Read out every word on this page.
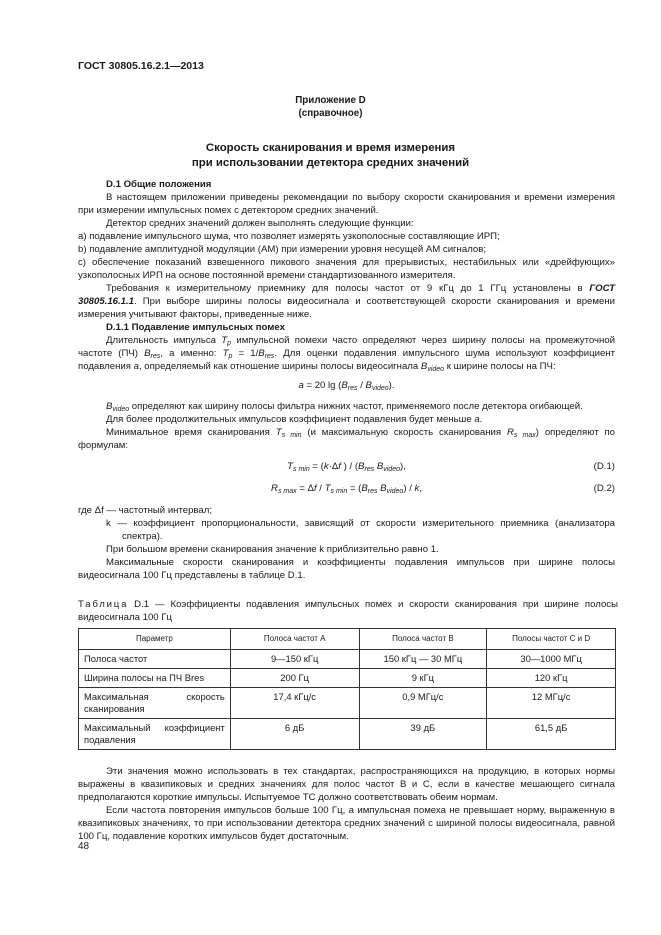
ГОСТ 30805.16.2.1—2013
Приложение D
(справочное)
Скорость сканирования и время измерения
при использовании детектора средних значений

D.1 Общие положения

В настоящем приложении приведены рекомендации по выбору скорости сканирования и времени измерения при измерении импульсных помех с детектором средних значений.

Детектор средних значений должен выполнять следующие функции:

a) подавление импульсного шума, что позволяет измерять узкополосные составляющие ИРП;

b) подавление амплитудной модуляции (АМ) при измерении уровня несущей АМ сигналов;

c) обеспечение показаний взвешенного пикового значения для прерывистых, нестабильных или «дрейфующих» узкополосных ИРП на основе постоянной времени стандартизованного измерителя.

Требования к измерительному приемнику для полосы частот от 9 кГц до 1 ГГц установлены в ГОСТ 30805.16.1.1. При выборе ширины полосы видеосигнала и соответствующей скорости сканирования и времени измерения учитывают факторы, приведенные ниже.

D.1.1 Подавление импульсных помех

Длительность импульса $T_p$ импульсной помехи часто определяют через ширину полосы на промежуточной частоте (ПЧ) $B_{res}$, а именно: $T_p = 1/B_{res}$. Для оценки подавления импульсного шума используют коэффициент подавления a, определяемый как отношение ширины полосы видеосигнала $B_{video}$ к ширине полосы на ПЧ:

a = 20 $\lg (B_{res} / B_{video})$.

$B_{video}$ определяют как ширину полосы фильтра нижних частот, применяемого после детектора огибающей.

Для более продолжительных импульсов коэффициент подавления будет меньше a.

Минимальное время сканирования $T_{s min}$ (и максимальную скорость сканирования $R_{s max}$) определяют по формулам:

$T_{s min} = (k\cdot\Delta f$ ) / ($B_{res}$ $B_{video}$),	(D.1)
$R_{s max} = \Delta f / T_{s min} = (B_{res}$ $B_{video}$) / k,	(D.2)

где Δf — частотный интервал;

k — коэффициент пропорциональности, зависящий от скорости измерительного приемника (анализатора спектра).

При большом времени сканирования значение k приблизительно равно 1.

Максимальные скорости сканирования и коэффициенты подавления импульсов при ширине полосы видеосигнала 100 Гц представлены в таблице D.1.

Таблица D.1 — Коэффициенты подавления импульсных помех и скорости сканирования при ширине полосы видеосигнала 100 Гц
Параметр	Полоса частот A	Полоса частот B	Полосы частот C и D
Полоса частот	9—150 кГц	150 кГц — 30 МГц	30—1000 МГц
Ширина полосы на ПЧ Bres	200 Гц	9 кГц	120 кГц
Максимальная скорость сканирования	17,4 кГц/с	0,9 МГц/с	12 МГц/с
Максимальный коэффициент подавления	6 дБ	39 дБ	61,5 дБ

Эти значения можно использовать в тех стандартах, распространяющихся на продукцию, в которых нормы выражены в квазипиковых и средних значениях для полос частот B и C, если в качестве мешающего сигнала предполагаются короткие импульсы. Испытуемое ТС должно соответствовать обеим нормам.

Если частота повторения импульсов больше 100 Гц, а импульсная помеха не превышает норму, выраженную в квазипиковых значениях, то при использовании детектора средних значений с шириной полосы видеосигнала, равной 100 Гц, подавление коротких импульсов будет достаточным.

48
